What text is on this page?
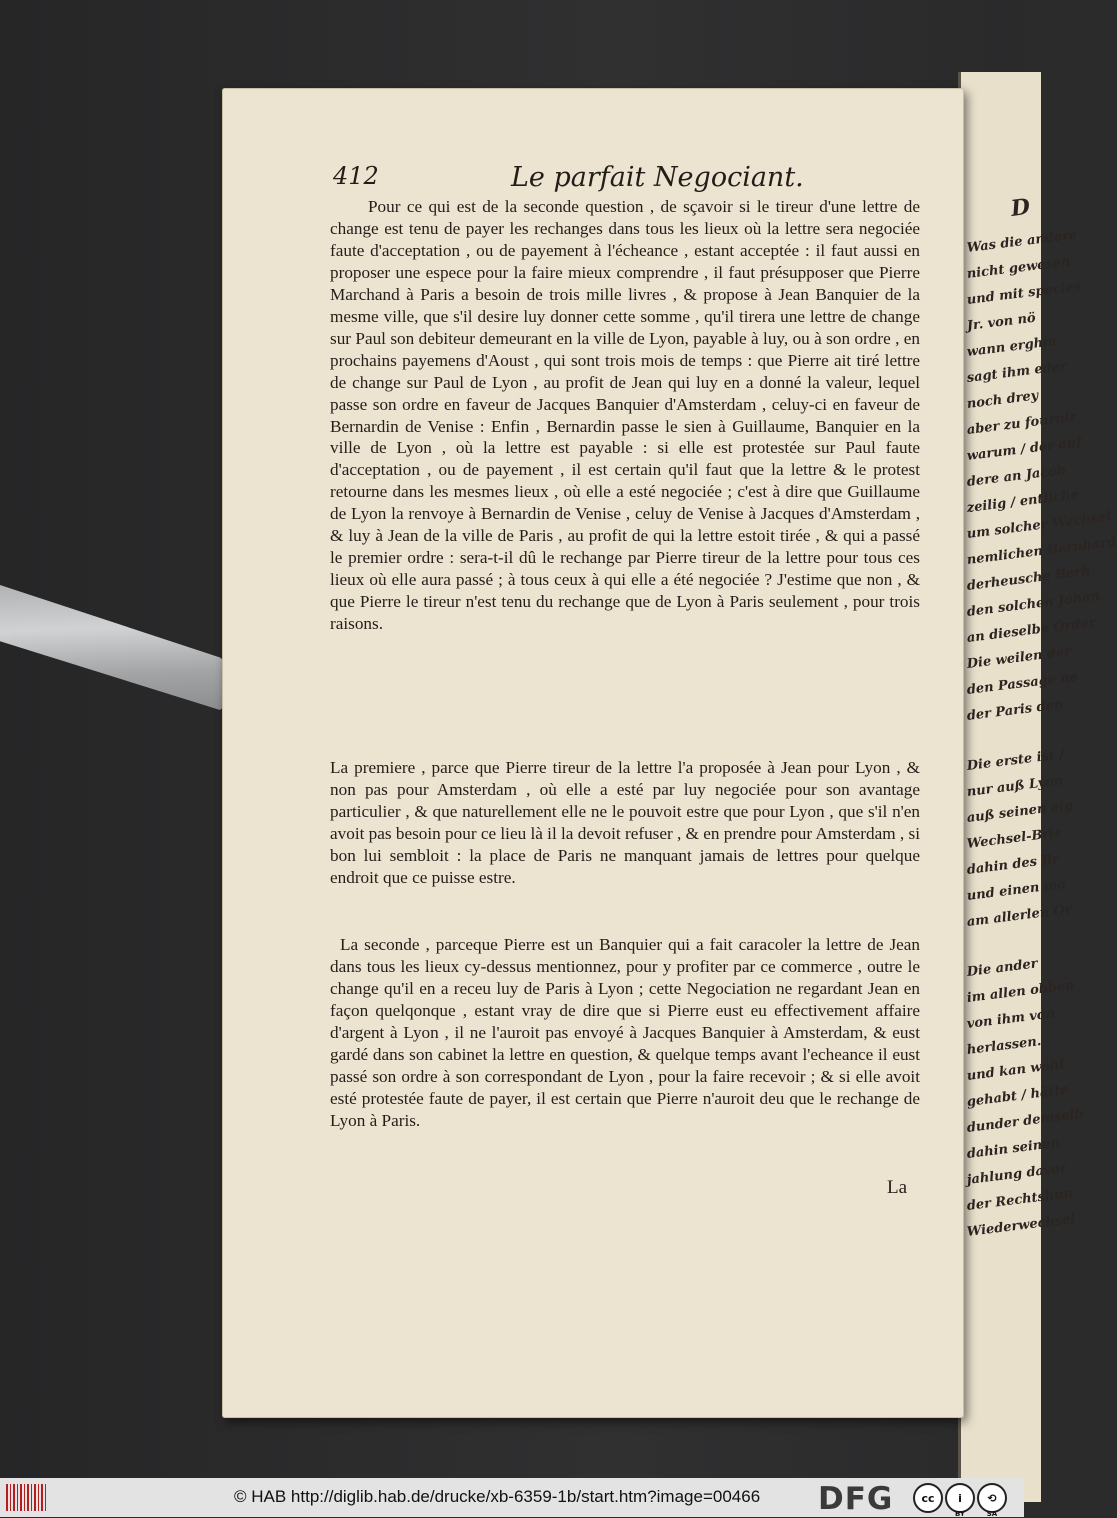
D
Was die andere
nicht gewesen
und mit species
Jr. von nö
wann erghm
sagt ihm eder
noch drey
aber zu fournir
warum / der auf
dere an Jacob
zeilig / entliche
um solcher Wechsel
nemlichen Bernhard
derheusche Berh
den solchen Johan
an dieselbe Order
Die weilen der
den Passage ne
der Paris den
Die erste ist /
nur auß Lyon
auß seinen eig
Wechsel-Brie
dahin des Br
und einen ma
am allerlen Or
Die ander
im allen obben
von ihm von
herlassen.
und kan wohl
gehabt / hätte
dunder demselb
dahin seinen
jahlung davor
der Rechtshun
Wiederwechsel
412	Le parfait Negociant.
Pour ce qui est de la seconde question , de sçavoir si le tireur d'une lettre de change est tenu de payer les rechanges dans tous les lieux où la lettre sera negociée faute d'acceptation , ou de payement à l'écheance , estant acceptée : il faut aussi en proposer une espece pour la faire mieux comprendre , il faut présupposer que Pierre Marchand à Paris a besoin de trois mille livres , & propose à Jean Banquier de la mesme ville, que s'il desire luy donner cette somme , qu'il tirera une lettre de change sur Paul son debiteur demeurant en la ville de Lyon, payable à luy, ou à son ordre , en prochains payemens d'Aoust , qui sont trois mois de temps : que Pierre ait tiré lettre de change sur Paul de Lyon , au profit de Jean qui luy en a donné la valeur, lequel passe son ordre en faveur de Jacques Banquier d'Amsterdam , celuy-ci en faveur de Bernardin de Venise : Enfin , Bernardin passe le sien à Guillaume, Banquier en la ville de Lyon , où la lettre est payable : si elle est protestée sur Paul faute d'acceptation , ou de payement , il est certain qu'il faut que la lettre & le protest retourne dans les mesmes lieux , où elle a esté negociée ; c'est à dire que Guillaume de Lyon la renvoye à Bernardin de Venise , celuy de Venise à Jacques d'Amsterdam , & luy à Jean de la ville de Paris , au profit de qui la lettre estoit tirée , & qui a passé le premier ordre : sera-t-il dû le rechange par Pierre tireur de la lettre pour tous ces lieux où elle aura passé ; à tous ceux à qui elle a été negociée ? J'estime que non , & que Pierre le tireur n'est tenu du rechange que de Lyon à Paris seulement , pour trois raisons.
La premiere , parce que Pierre tireur de la lettre l'a proposée à Jean pour Lyon , & non pas pour Amsterdam , où elle a esté par luy negociée pour son avantage particulier , & que naturellement elle ne le pouvoit estre que pour Lyon , que s'il n'en avoit pas besoin pour ce lieu là il la devoit refuser , & en prendre pour Amsterdam , si bon lui sembloit : la place de Paris ne manquant jamais de lettres pour quelque endroit que ce puisse estre.
La seconde , parceque Pierre est un Banquier qui a fait caracoler la lettre de Jean dans tous les lieux cy-dessus mentionnez, pour y profiter par ce commerce , outre le change qu'il en a receu luy de Paris à Lyon ; cette Negociation ne regardant Jean en façon quelqonque , estant vray de dire que si Pierre eust eu effectivement affaire d'argent à Lyon , il ne l'auroit pas envoyé à Jacques Banquier à Amsterdam, & eust gardé dans son cabinet la lettre en question, & quelque temps avant l'echeance il eust passé son ordre à son correspondant de Lyon , pour la faire recevoir ; & si elle avoit esté protestée faute de payer, il est certain que Pierre n'auroit deu que le rechange de Lyon à Paris.
La
© HAB http://diglib.hab.de/drucke/xb-6359-1b/start.htm?image=00466 DFG	cc i
BY
⟲
SA
